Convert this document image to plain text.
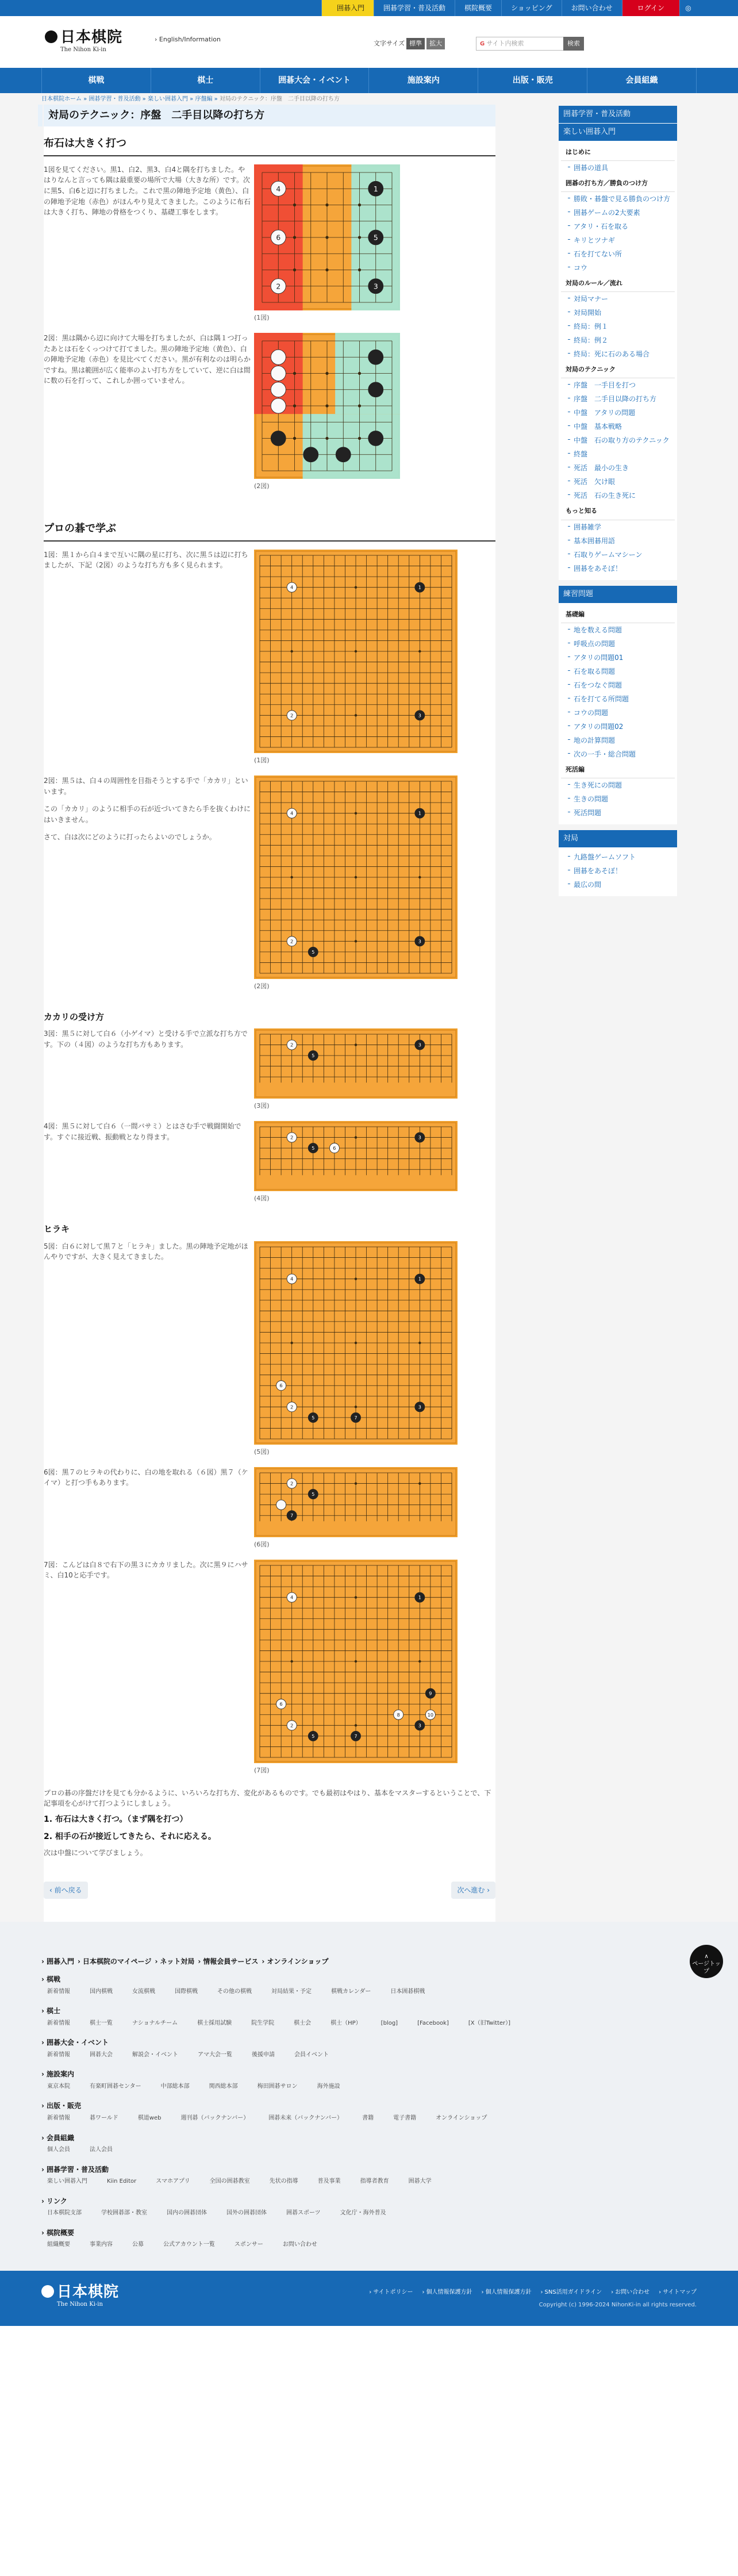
囲碁入門	囲碁学習・普及活動	棋院概要	ショッピング	お問い合わせ	ログイン	◎
日本棋院
The Nihon Ki-in
› English/Information
文字サイズ 標準	拡大	G サイト内検索	検索
棋戦	棋士	囲碁大会・イベント	施設案内	出版・販売	会員組織
日本棋院ホーム » 囲碁学習・普及活動 » 楽しい囲碁入門 » 序盤編 » 対局のテクニック：序盤　二手目以降の打ち方
対局のテクニック：序盤　二手目以降の打ち方
布石は大きく打つ

1図を見てください。黒1、白2、黒3、白4と隅を打ちました。やはりなんと言っても隅は最重要の場所で大場（大きな所）です。次に黒5、白6と辺に打ちました。これで黒の陣地予定地（黄色）、白の陣地予定地（赤色）がほんやり見えてきました。このように布石は大きく打ち、陣地の骨格をつくり、基礎工事をします。

4	1
6	5
2	3
(1図)

2図：黒は隅から辺に向けて大場を打ちましたが、白は隅１つ打ったあとは石をくっつけて打てました。黒の陣地予定地（黄色）、白の陣地予定地（赤色）を見比べてください。黒が有利なのは明らかですね。黒は範囲が広く能率のよい打ち方をしていて、逆に白は間に数の石を打って、これしか囲っていません。

(2図)
プロの碁で学ぶ

1図：黒１から白４まで互いに隅の星に打ち、次に黒５は辺に打ちましたが、下記（2図）のような打ち方も多く見られます。

4	1
2	3
(1図)

2図：黒５は、白４の周囲性を目指そうとする手で「カカリ」といいます。

この「カカリ」のように相手の石が近づいてきたら手を抜くわけにはいきません。

さて、白は次にどのように打ったらよいのでしょうか。

4	1
2	3
5
(2図)
カカリの受け方

3図：黒５に対して白６（小ゲイマ）と受ける手で立派な打ち方です。下の（４図）のような打ち方もあります。	2	3
5
(3図)

4図：黒５に対して白６（一間バサミ）とはさむ手で戦闘開始です。すぐに接近戦、振動戦となり得ます。	2	3
5	6
(4図)
ヒラキ

5図：白６に対して黒７と「ヒラキ」ました。黒の陣地予定地がほんやりですが、大きく見えてきました。

4	1
2	3
5
6
7
(5図)

6図：黒７のヒラキの代わりに、白の地を取れる（６図）黒７（ケイマ）と打つ手もあります。	2
5
7
(6図)

7図：こんどは白８で右下の黒３にカカリました。次に黒９にハサミ、白10と応手です。

4	1
2	3
5
6
7
8
9
10
(7図)

プロの碁の序盤だけを見ても分かるように、いろいろな打ち方、変化があるものです。でも最初はやはり、基本をマスターするということで、下記事項を心がけて打つようにしましょう。

1. 布石は大きく打つ。（まず隅を打つ）

2. 相手の石が接近してきたら、それに応える。

次は中盤について学びましょう。

‹ 前へ戻る	次へ進む ›
囲碁学習・普及活動
楽しい囲碁入門
はじめに
囲碁の道具
囲碁の打ち方／勝負のつけ方
勝敗・碁盤で見る勝負のつけ方
囲碁ゲームの2大要素
アタリ・石を取る
キリとツナギ
石を打てない所
コウ
対局のルール／流れ
対局マナー
対局開始
終局：例１
終局：例２
終局：死に石のある場合
対局のテクニック
序盤　一手目を打つ
序盤　二手目以降の打ち方
中盤　アタリの問題
中盤　基本戦略
中盤　石の取り方のテクニック
終盤
死活　最小の生き
死活　欠け眼
死活　石の生き死に
もっと知る
囲碁雑学
基本囲碁用語
石取りゲームマシーン
囲碁をあそぼ！
練習問題
基礎編
地を数える問題
呼吸点の問題
アタリの問題01
石を取る問題
石をつなぐ問題
石を打てる所問題
コウの問題
アタリの問題02
地の計算問題
次の一手・総合問題
死活編
生き死にの問題
生きの問題
死活問題
対局
九路盤ゲームソフト
囲碁をあそぼ！
最広の間
∧
ページトップ
› 囲碁入門	› 日本棋院のマイページ	› ネット対局	› 情報会員サービス	› オンラインショップ
› 棋戦
新着情報	国内棋戦	女流棋戦	国際棋戦	その他の棋戦	対局結果・予定	棋戦カレンダー	日本囲碁棋戦
› 棋士
新着情報	棋士一覧	ナショナルチーム	棋士採用試験	院生学院	棋士会	棋士（HP）	[blog]	[Facebook]	[X（旧Twitter）]
› 囲碁大会・イベント
新着情報	囲碁大会	解説会・イベント	アマ大会一覧	後援申請	会員イベント
› 施設案内
東京本院	有楽町囲碁センター	中部総本部	関西総本部	梅田囲碁サロン	海外施設
› 出版・販売
新着情報	碁ワールド	棋道web	週刊碁（バックナンバー）	囲碁未来（バックナンバー）	書籍	電子書籍	オンラインショップ
› 会員組織
個人会員	法人会員
› 囲碁学習・普及活動
楽しい囲碁入門	Kiin Editor	スマホアプリ	全国の囲碁教室	先状の指導	普及事業	指導者教育	囲碁大学
› リンク
日本棋院支部	学校囲碁部・教室	国内の囲碁団体	国外の囲碁団体	囲碁スポーツ	文化庁・海外普及
› 棋院概要
組織概要	事業内容	公募	公式アカウント一覧	スポンサー	お問い合わせ
日本棋院
The Nihon Ki-in
› サイトポリシー	› 個人情報保護方針	› 個人情報保護方針	› SNS活用ガイドライン	› お問い合わせ	› サイトマップ
Copyright (c) 1996-2024 NihonKi-in all rights reserved.
